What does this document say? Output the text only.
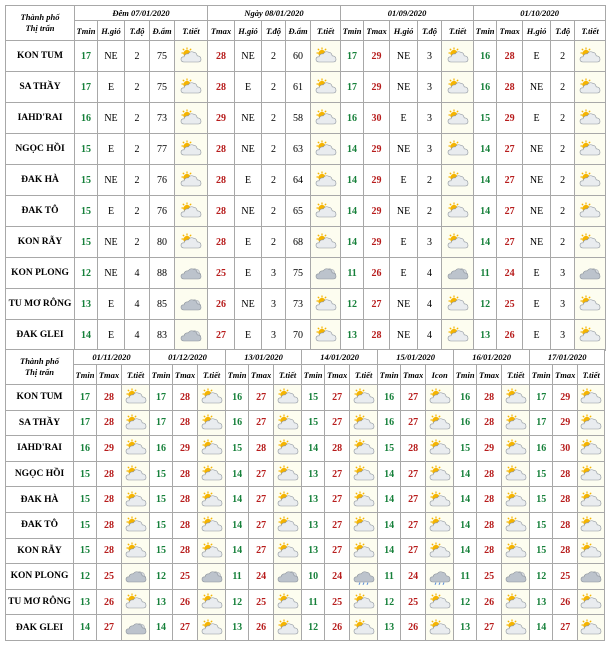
Thành phố
Thị trấn	Đêm 07/01/2020					Ngày 08/01/2020					01/09/2020					01/10/2020				
	Tmin	H.gió	T.độ	Đ.ẩm	T.tiết	Tmax	H.gió	T.độ	Đ.ẩm	T.tiết	Tmin	Tmax	H.gió	T.độ	T.tiết	Tmin	Tmax	H.gió	T.độ	T.tiết
KON TUM	17	NE	2	75		28	NE	2	60		17	29	NE	3		16	28	E	2	

SA THẦY	17	E	2	75		28	E	2	61		17	29	NE	3		16	28	NE	2	

IAHD'RAI	16	NE	2	73		29	NE	2	58		16	30	E	3		15	29	E	2	

NGỌC HỒI	15	E	2	77		28	NE	2	63		14	29	NE	3		14	27	NE	2	

ĐAK HÀ	15	NE	2	76		28	E	2	64		14	29	E	2		14	27	NE	2	

ĐAK TÔ	15	E	2	76		28	NE	2	65		14	29	NE	2		14	27	NE	2	

KON RẪY	15	NE	2	80		28	E	2	68		14	29	E	3		14	27	NE	2	

KON PLONG	12	NE	4	88		25	E	3	75		11	26	E	4		11	24	E	3	

TU MƠ RÔNG	13	E	4	85		26	NE	3	73		12	27	NE	4		12	25	E	3	

ĐAK GLEI	14	E	4	83		27	E	3	70		13	28	NE	4		13	26	E	3	
Thành phố
Thị trấn	01/11/2020			01/12/2020			13/01/2020			14/01/2020			15/01/2020			16/01/2020			17/01/2020		
	Tmin	Tmax	T.tiết	Tmin	Tmax	T.tiết	Tmin	Tmax	T.tiết	Tmin	Tmax	T.tiết	Tmin	Tmax	Icon	Tmin	Tmax	T.tiết	Tmin	Tmax	T.tiết
KON TUM	17	28		17	28		16	27		15	27		16	27		16	28		17	29	

SA THẦY	17	28		17	28		16	27		15	27		16	27		16	28		17	29	

IAHD'RAI	16	29		16	29		15	28		14	28		15	28		15	29		16	30	

NGỌC HỒI	15	28		15	28		14	27		13	27		14	27		14	28		15	28	

ĐAK HÀ	15	28		15	28		14	27		13	27		14	27		14	28		15	28	

ĐAK TÔ	15	28		15	28		14	27		13	27		14	27		14	28		15	28	

KON RẪY	15	28		15	28		14	27		13	27		14	27		14	28		15	28	

KON PLONG	12	25		12	25		11	24		10	24		11	24		11	25		12	25	

TU MƠ RÔNG	13	26		13	26		12	25		11	25		12	25		12	26		13	26	

ĐAK GLEI	14	27		14	27		13	26		12	26		13	26		13	27		14	27	
